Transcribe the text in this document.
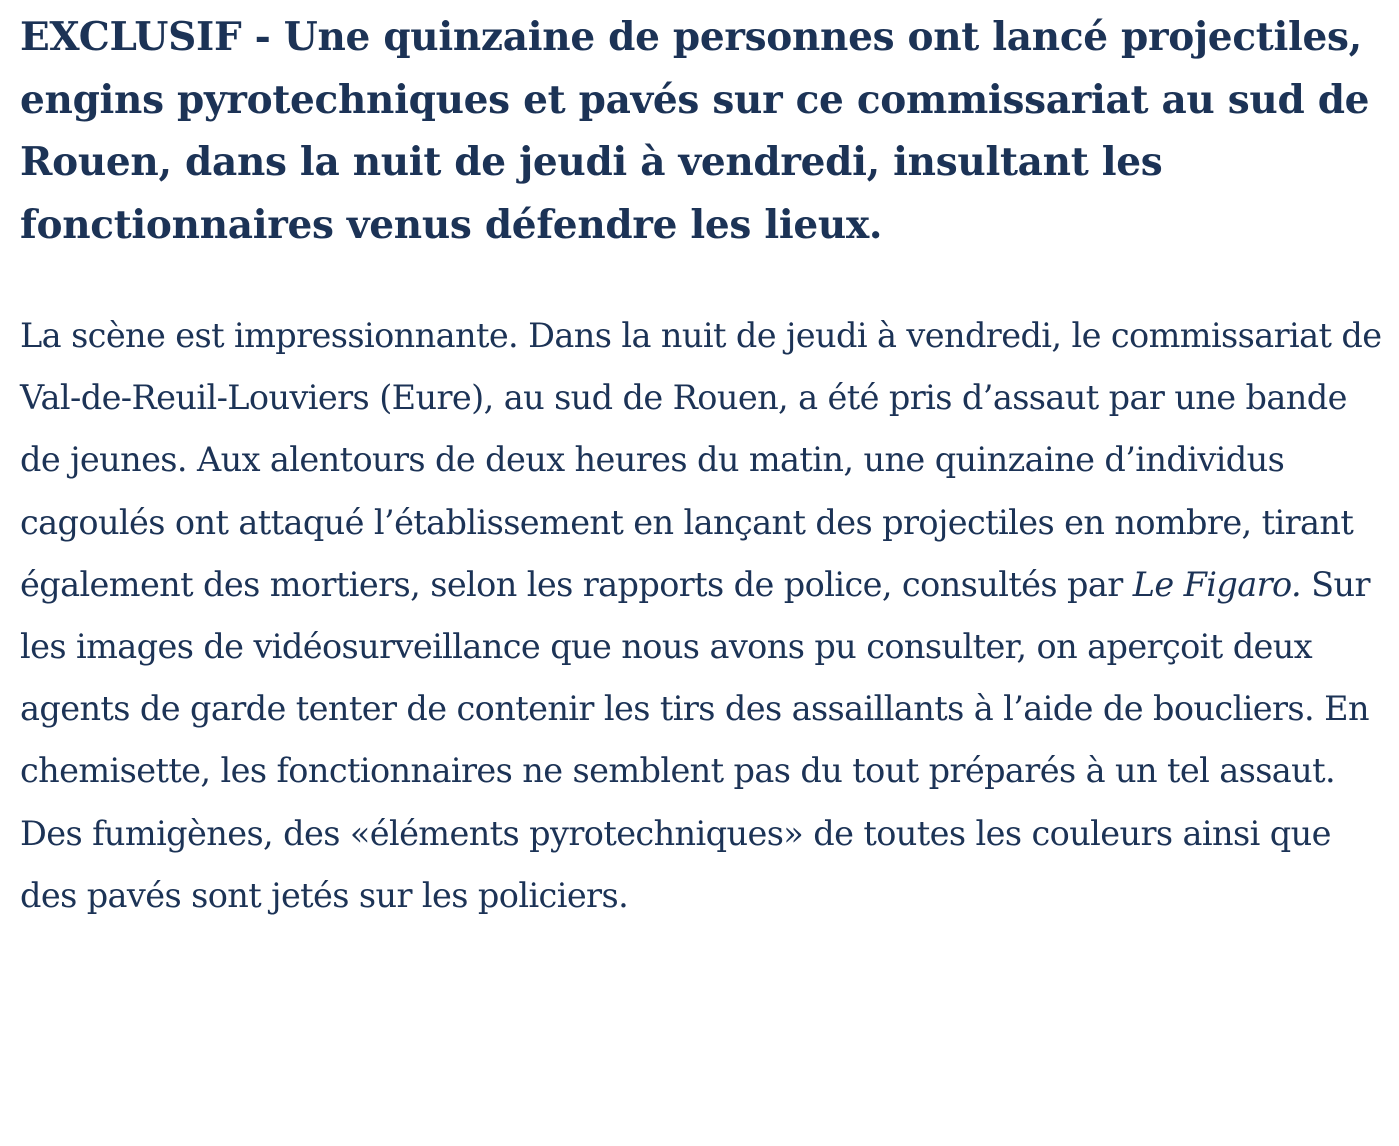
EXCLUSIF - Une quinzaine de personnes ont lancé projectiles, engins pyrotechniques et pavés sur ce commissariat au sud de Rouen, dans la nuit de jeudi à vendredi, insultant les fonctionnaires venus défendre les lieux.

La scène est impressionnante. Dans la nuit de jeudi à vendredi, le commissariat de Val-de-Reuil-Louviers (Eure), au sud de Rouen, a été pris d’assaut par une bande de jeunes. Aux alentours de deux heures du matin, une quinzaine d’individus cagoulés ont attaqué l’établissement en lançant des projectiles en nombre, tirant également des mortiers, selon les rapports de police, consultés par Le Figaro. Sur les images de vidéosurveillance que nous avons pu consulter, on aperçoit deux agents de garde tenter de contenir les tirs des assaillants à l’aide de boucliers. En chemisette, les fonctionnaires ne semblent pas du tout préparés à un tel assaut. Des fumigènes, des «éléments pyrotechniques» de toutes les couleurs ainsi que des pavés sont jetés sur les policiers.
